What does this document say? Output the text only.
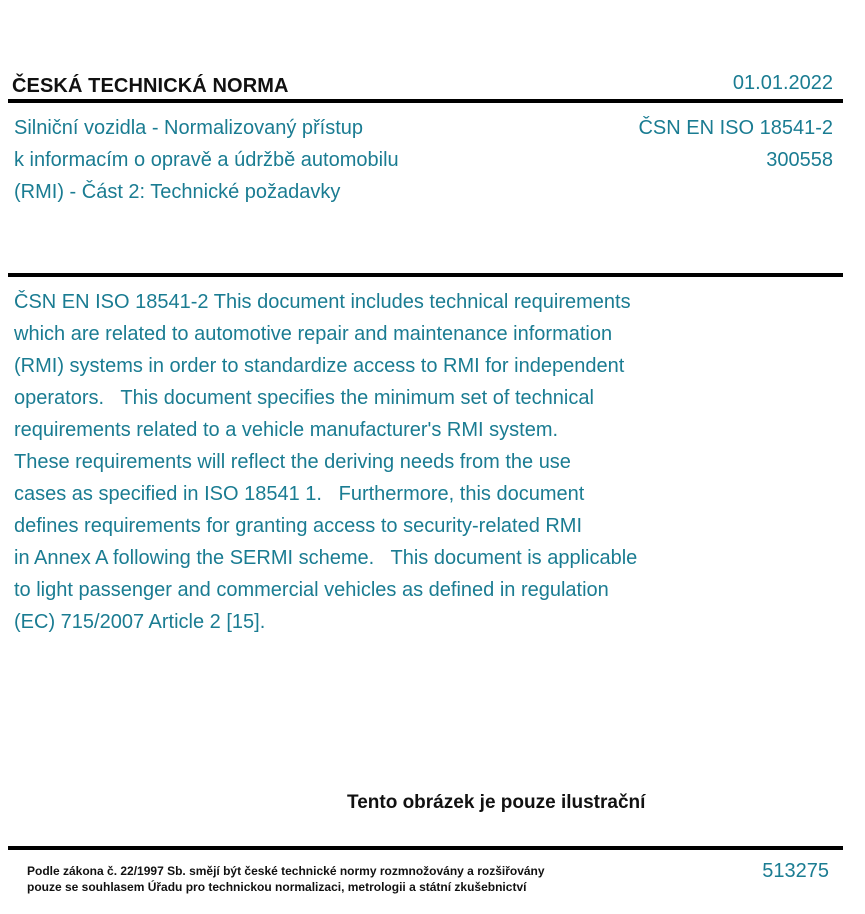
ČESKÁ TECHNICKÁ NORMA	01.01.2022
Silniční vozidla - Normalizovaný přístup
k informacím o opravě a údržbě automobilu
(RMI) - Část 2: Technické požadavky
ČSN EN ISO 18541-2
300558
ČSN EN ISO 18541-2 This document includes technical requirements
which are related to automotive repair and maintenance information
(RMI) systems in order to standardize access to RMI for independent
operators.   This document specifies the minimum set of technical
requirements related to a vehicle manufacturer's RMI system.
These requirements will reflect the deriving needs from the use
cases as specified in ISO 18541 1.   Furthermore, this document
defines requirements for granting access to security-related RMI
in Annex A following the SERMI scheme.   This document is applicable
to light passenger and commercial vehicles as defined in regulation
(EC) 715/2007 Article 2 [15].
Tento obrázek je pouze ilustrační
Podle zákona č. 22/1997 Sb. smějí být české technické normy rozmnožovány a rozšiřovány
pouze se souhlasem Úřadu pro technickou normalizaci, metrologii a státní zkušebnictví
513275
